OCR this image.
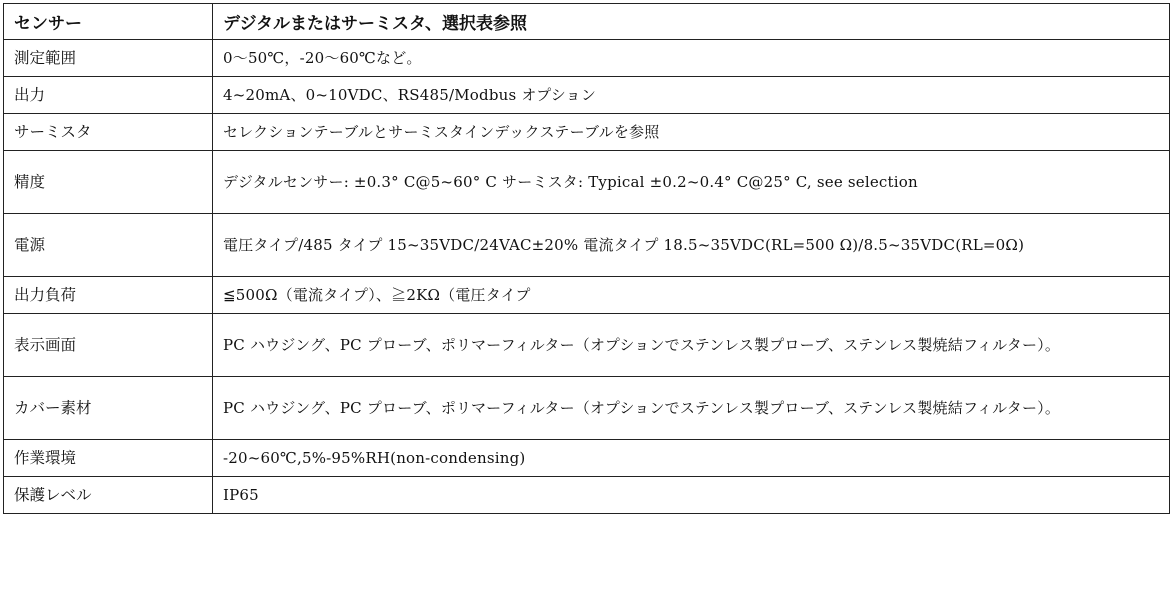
センサー	デジタルまたはサーミスタ、選択表参照
測定範囲	0～50℃，-20～60℃など。
出力	4~20mA、0~10VDC、RS485/Modbus オプション
サーミスタ	セレクションテーブルとサーミスタインデックステーブルを参照
精度	デジタルセンサー: ±0.3° C@5~60° C サーミスタ: Typical ±0.2~0.4° C@25° C, see selection
電源	電圧タイプ/485 タイプ 15~35VDC/24VAC±20% 電流タイプ 18.5~35VDC(RL=500 Ω)/8.5~35VDC(RL=0Ω)
出力負荷	≦500Ω（電流タイプ）、≧2KΩ（電圧タイプ
表示画面	PC ハウジング、PC プローブ、ポリマーフィルター（オプションでステンレス製プローブ、ステンレス製焼結フィルター）。
カバー素材	PC ハウジング、PC プローブ、ポリマーフィルター（オプションでステンレス製プローブ、ステンレス製焼結フィルター）。
作業環境	-20~60℃,5%-95%RH(non-condensing)
保護レベル	IP65
